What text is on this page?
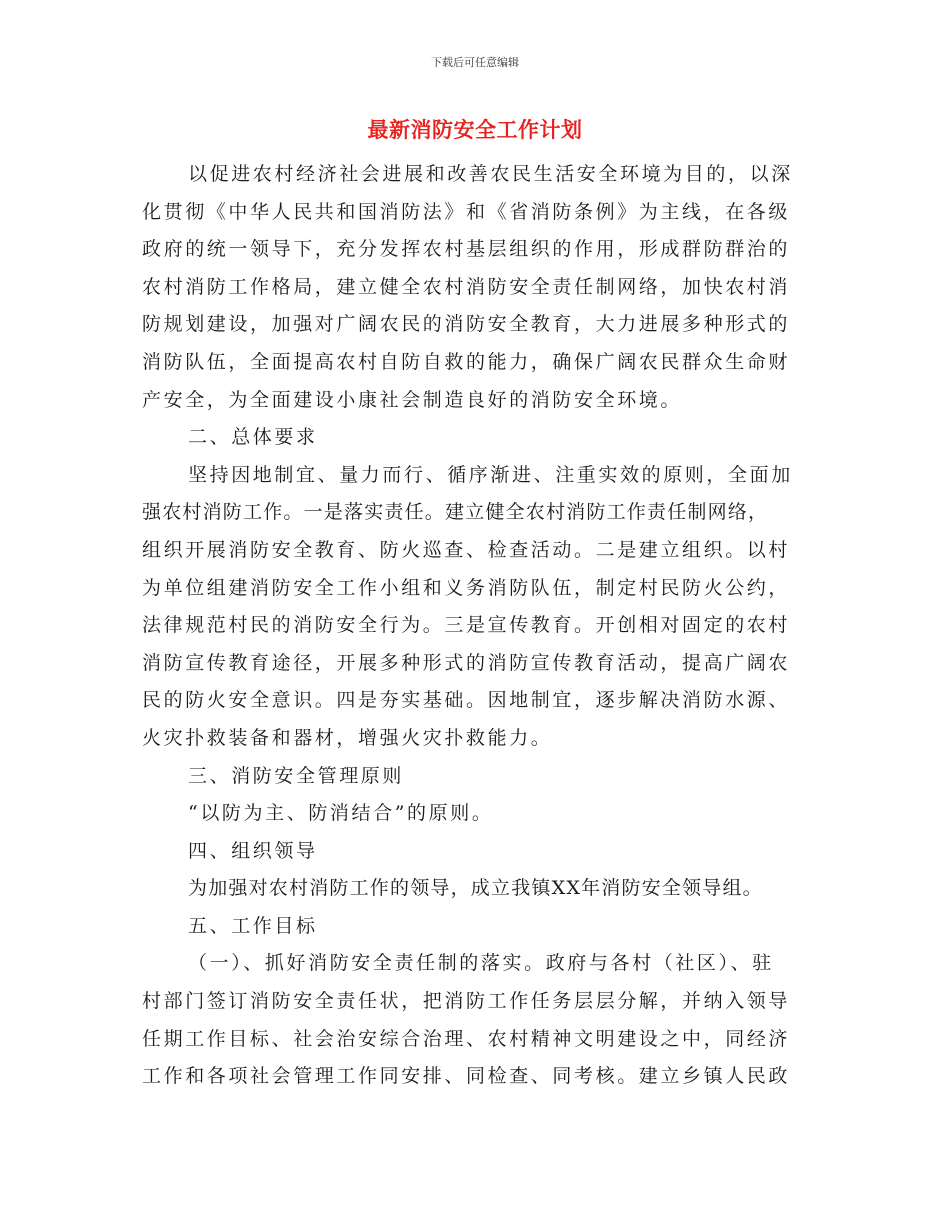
下载后可任意编辑
最新消防安全工作计划
以促进农村经济社会进展和改善农民生活安全环境为目的，以深
化贯彻《中华人民共和国消防法》和《省消防条例》为主线，在各级
政府的统一领导下，充分发挥农村基层组织的作用，形成群防群治的
农村消防工作格局，建立健全农村消防安全责任制网络，加快农村消
防规划建设，加强对广阔农民的消防安全教育，大力进展多种形式的
消防队伍，全面提高农村自防自救的能力，确保广阔农民群众生命财
产安全，为全面建设小康社会制造良好的消防安全环境。
二、总体要求
坚持因地制宜、量力而行、循序渐进、注重实效的原则，全面加
强农村消防工作。一是落实责任。建立健全农村消防工作责任制网络，
组织开展消防安全教育、防火巡查、检查活动。二是建立组织。以村
为单位组建消防安全工作小组和义务消防队伍，制定村民防火公约，
法律规范村民的消防安全行为。三是宣传教育。开创相对固定的农村
消防宣传教育途径，开展多种形式的消防宣传教育活动，提高广阔农
民的防火安全意识。四是夯实基础。因地制宜，逐步解决消防水源、
火灾扑救装备和器材，增强火灾扑救能力。
三、消防安全管理原则
“以防为主、防消结合”的原则。
四、组织领导
为加强对农村消防工作的领导，成立我镇XX年消防安全领导组。
五、工作目标
（一）、抓好消防安全责任制的落实。政府与各村（社区）、驻
村部门签订消防安全责任状，把消防工作任务层层分解，并纳入领导
任期工作目标、社会治安综合治理、农村精神文明建设之中，同经济
工作和各项社会管理工作同安排、同检查、同考核。建立乡镇人民政
